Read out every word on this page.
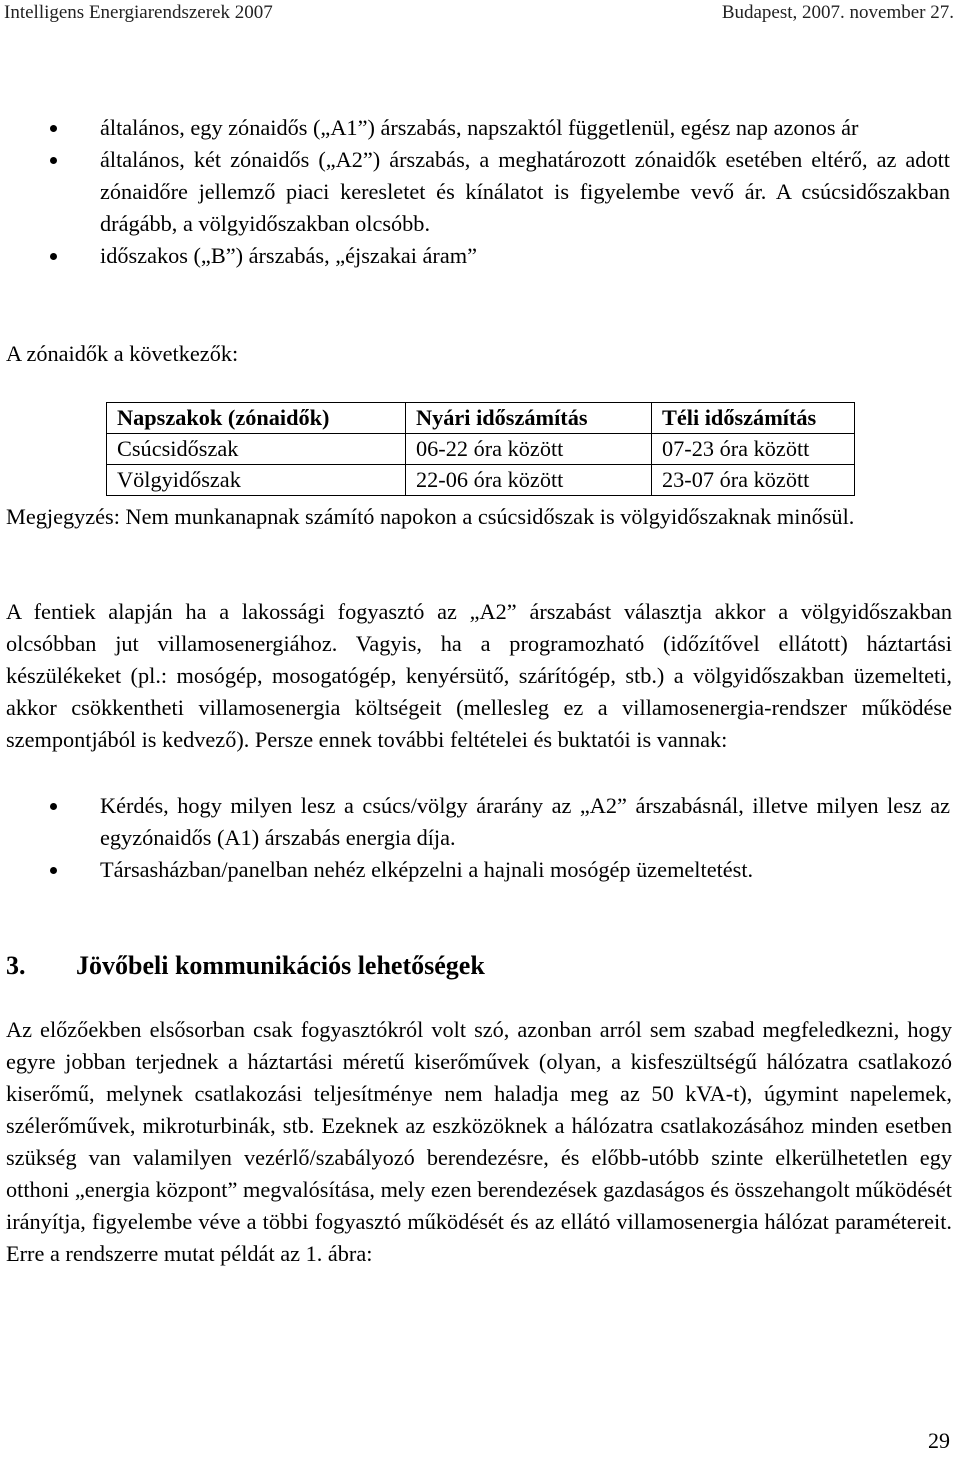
Intelligens Energiarendszerek 2007	Budapest, 2007. november 27.
általános, egy zónaidős („A1”) árszabás, napszaktól függetlenül, egész nap azonos ár
általános, két zónaidős („A2”) árszabás, a meghatározott zónaidők esetében eltérő, az adott zónaidőre jellemző piaci keresletet és kínálatot is figyelembe vevő ár. A csúcsidőszakban drágább, a völgyidőszakban olcsóbb.
időszakos („B”) árszabás, „éjszakai áram”

A zónaidők a következők:

Napszakok (zónaidők)	Nyári időszámítás	Téli időszámítás
Csúcsidőszak	06-22 óra között	07-23 óra között
Völgyidőszak	22-06 óra között	23-07 óra között

Megjegyzés: Nem munkanapnak számító napokon a csúcsidőszak is völgyidőszaknak minősül.

A fentiek alapján ha a lakossági fogyasztó az „A2” árszabást választja akkor a völgyidőszakban olcsóbban jut villamosenergiához. Vagyis, ha a programozható (időzítővel ellátott) háztartási készülékeket (pl.: mosógép, mosogatógép, kenyérsütő, szárítógép, stb.) a völgyidőszakban üzemelteti, akkor csökkentheti villamosenergia költségeit (mellesleg ez a villamosenergia-rendszer működése szempontjából is kedvező). Persze ennek további feltételei és buktatói is vannak:

Kérdés, hogy milyen lesz a csúcs/völgy árarány az „A2” árszabásnál, illetve milyen lesz az egyzónaidős (A1) árszabás energia díja.
Társasházban/panelban nehéz elképzelni a hajnali mosógép üzemeltetést.
3. Jövőbeli kommunikációs lehetőségek

Az előzőekben elsősorban csak fogyasztókról volt szó, azonban arról sem szabad megfeledkezni, hogy egyre jobban terjednek a háztartási méretű kiserőművek (olyan, a kisfeszültségű hálózatra csatlakozó kiserőmű, melynek csatlakozási teljesítménye nem haladja meg az 50 kVA-t), úgymint napelemek, szélerőművek, mikroturbinák, stb. Ezeknek az eszközöknek a hálózatra csatlakozásához minden esetben szükség van valamilyen vezérlő/szabályozó berendezésre, és előbb-utóbb szinte elkerülhetetlen egy otthoni „energia központ” megvalósítása, mely ezen berendezések gazdaságos és összehangolt működését irányítja, figyelembe véve a többi fogyasztó működését és az ellátó villamosenergia hálózat paramétereit. Erre a rendszerre mutat példát az 1. ábra:

29
